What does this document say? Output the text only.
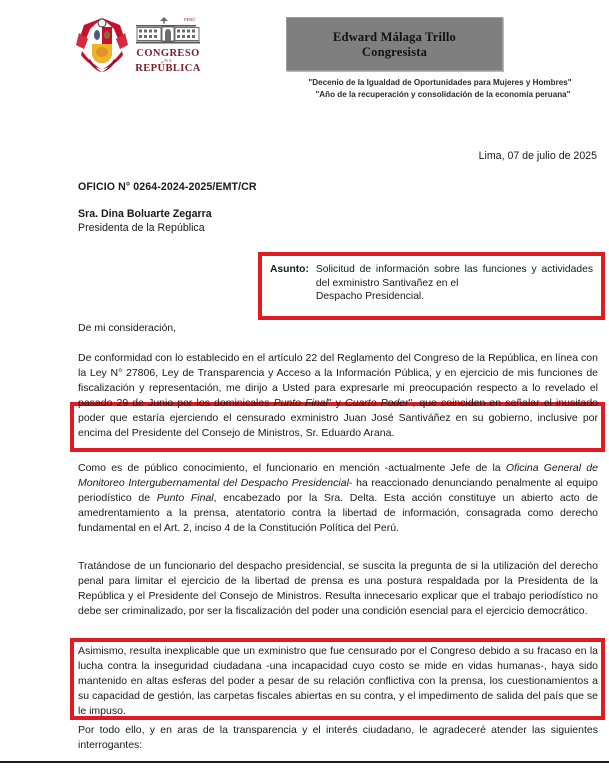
PERÚ
CONGRESO
de la
REPÚBLICA
Edward Málaga Trillo
Congresista
"Decenio de la Igualdad de Oportunidades para Mujeres y Hombres"
"Año de la recuperación y consolidación de la economía peruana"
Lima, 07 de julio de 2025
OFICIO N° 0264-2024-2025/EMT/CR
Sra. Dina Boluarte Zegarra
Presidenta de la República
Asunto: Solicitud de información sobre las funciones y actividades del exministro Santivañez en el
Despacho Presidencial.
De mi consideración,
De conformidad con lo establecido en el artículo 22 del Reglamento del Congreso de la República, en línea con la Ley N° 27806, Ley de Transparencia y Acceso a la Información Pública, y en ejercicio de mis funciones de fiscalización y representación, me dirijo a Usted para expresarle mi preocupación respecto a lo revelado el pasado 29 de Junio por los dominicales Punto Final" y Cuarto Poder", que coinciden en señalar el inusitado poder que estaría ejerciendo el censurado exministro Juan José Santiváñez en su gobierno, inclusive por encima del Presidente del Consejo de Ministros, Sr. Eduardo Arana.
Como es de público conocimiento, el funcionario en mención -actualmente Jefe de la Oficina General de Monitoreo Intergubernamental del Despacho Presidencial- ha reaccionado denunciando penalmente al equipo periodístico de Punto Final, encabezado por la Sra. Delta. Esta acción constituye un abierto acto de amedrentamiento a la prensa, atentatorio contra la libertad de información, consagrada como derecho fundamental en el Art. 2, inciso 4 de la Constitución Política del Perú.
Tratándose de un funcionario del despacho presidencial, se suscita la pregunta de si la utilización del derecho penal para limitar el ejercicio de la libertad de prensa es una postura respaldada por la Presidenta de la República y el Presidente del Consejo de Ministros. Resulta innecesario explicar que el trabajo periodístico no debe ser criminalizado, por ser la fiscalización del poder una condición esencial para el ejercicio democrático.
Asimismo, resulta inexplicable que un exministro que fue censurado por el Congreso debido a su fracaso en la lucha contra la inseguridad ciudadana -una incapacidad cuyo costo se mide en vidas humanas-, haya sido mantenido en altas esferas del poder a pesar de su relación conflictiva con la prensa, los cuestionamientos a su capacidad de gestión, las carpetas fiscales abiertas en su contra, y el impedimento de salida del país que se le impuso.
Por todo ello, y en aras de la transparencia y el interés ciudadano, le agradeceré atender las siguientes interrogantes:
